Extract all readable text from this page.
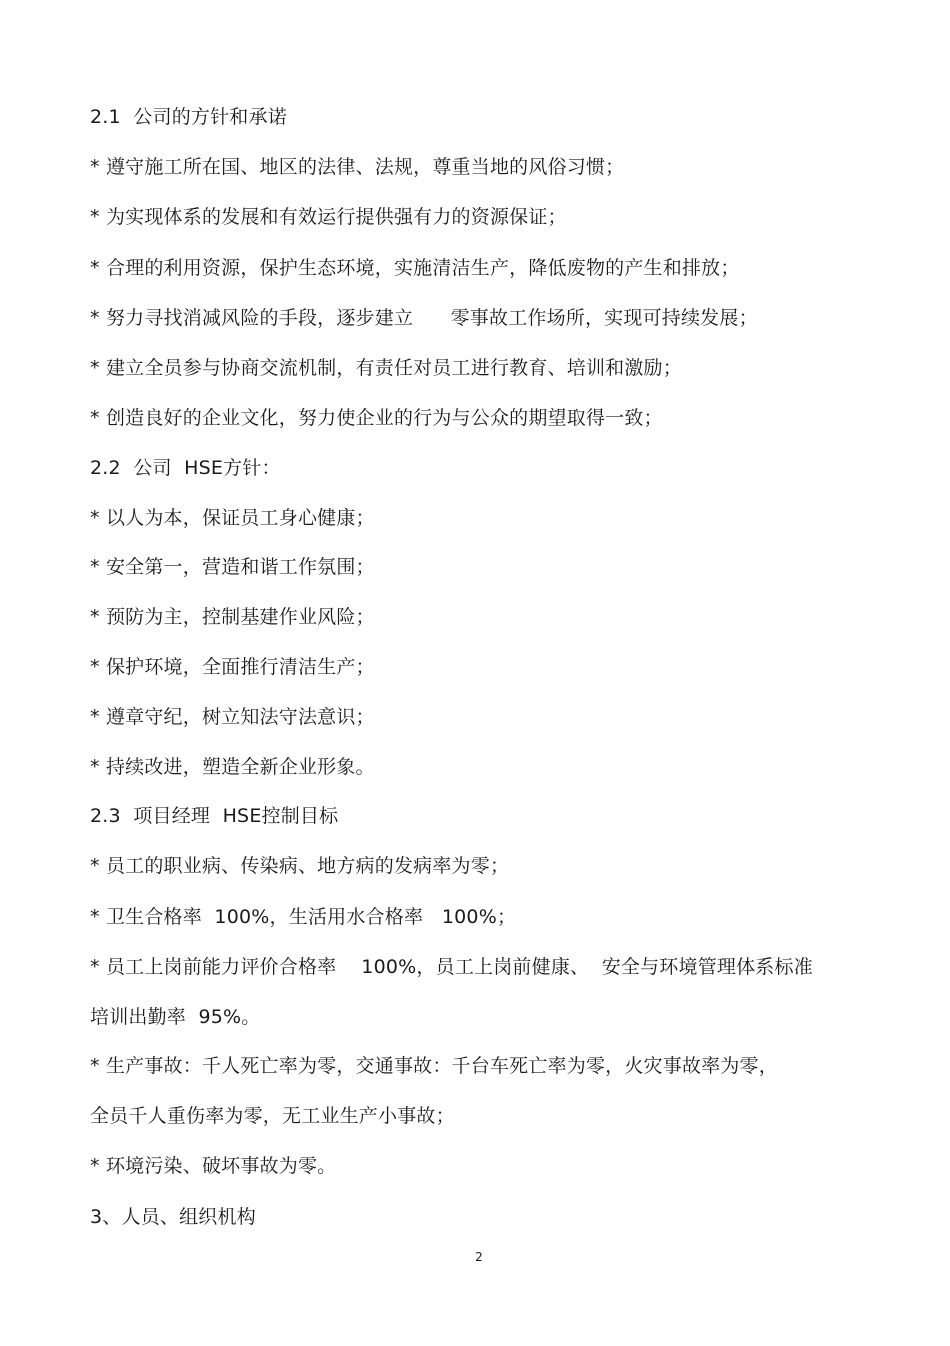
2.1  公司的方针和承诺
* 遵守施工所在国、地区的法律、法规，尊重当地的风俗习惯；
* 为实现体系的发展和有效运行提供强有力的资源保证；
* 合理的利用资源，保护生态环境，实施清洁生产，降低废物的产生和排放；
* 努力寻找消减风险的手段，逐步建立      零事故工作场所，实现可持续发展；
* 建立全员参与协商交流机制，有责任对员工进行教育、培训和激励；
* 创造良好的企业文化，努力使企业的行为与公众的期望取得一致；
2.2  公司  HSE方针：
* 以人为本，保证员工身心健康；
* 安全第一，营造和谐工作氛围；
* 预防为主，控制基建作业风险；
* 保护环境，全面推行清洁生产；
* 遵章守纪，树立知法守法意识；
* 持续改进，塑造全新企业形象。
2.3  项目经理  HSE控制目标
* 员工的职业病、传染病、地方病的发病率为零；
* 卫生合格率  100%，生活用水合格率   100%；
* 员工上岗前能力评价合格率    100%，员工上岗前健康、  安全与环境管理体系标准
培训出勤率  95%。
* 生产事故：千人死亡率为零，交通事故：千台车死亡率为零，火灾事故率为零，
全员千人重伤率为零，无工业生产小事故；
* 环境污染、破坏事故为零。
3、人员、组织机构
2
